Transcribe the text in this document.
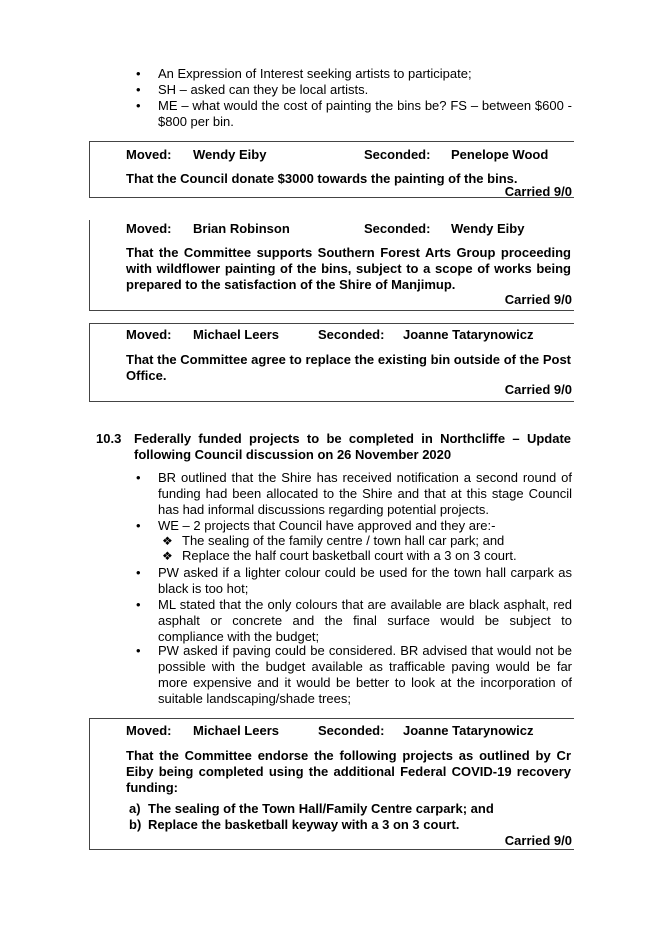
• An Expression of Interest seeking artists to participate;
• SH – asked can they be local artists.
• ME – what would the cost of painting the bins be? FS – between $600 - $800 per bin.
Moved: Wendy Eiby	Seconded: Penelope Wood
That the Council donate $3000 towards the painting of the bins.
Carried 9/0
Moved: Brian Robinson	Seconded: Wendy Eiby
That the Committee supports Southern Forest Arts Group proceeding with wildflower painting of the bins, subject to a scope of works being prepared to the satisfaction of the Shire of Manjimup.
Carried 9/0
Moved: Michael Leers	Seconded: Joanne Tatarynowicz
That the Committee agree to replace the existing bin outside of the Post Office.
Carried 9/0
10.3 Federally funded projects to be completed in Northcliffe – Update following Council discussion on 26 November 2020
• BR outlined that the Shire has received notification a second round of funding had been allocated to the Shire and that at this stage Council has had informal discussions regarding potential projects.
• WE – 2 projects that Council have approved and they are:-
❖ The sealing of the family centre / town hall car park; and
❖ Replace the half court basketball court with a 3 on 3 court.
• PW asked if a lighter colour could be used for the town hall carpark as black is too hot;
• ML stated that the only colours that are available are black asphalt, red asphalt or concrete and the final surface would be subject to compliance with the budget;
• PW asked if paving could be considered. BR advised that would not be possible with the budget available as trafficable paving would be far more expensive and it would be better to look at the incorporation of suitable landscaping/shade trees;
Moved: Michael Leers	Seconded: Joanne Tatarynowicz
That the Committee endorse the following projects as outlined by Cr Eiby being completed using the additional Federal COVID-19 recovery funding:
a) The sealing of the Town Hall/Family Centre carpark; and
b) Replace the basketball keyway with a 3 on 3 court.
Carried 9/0
